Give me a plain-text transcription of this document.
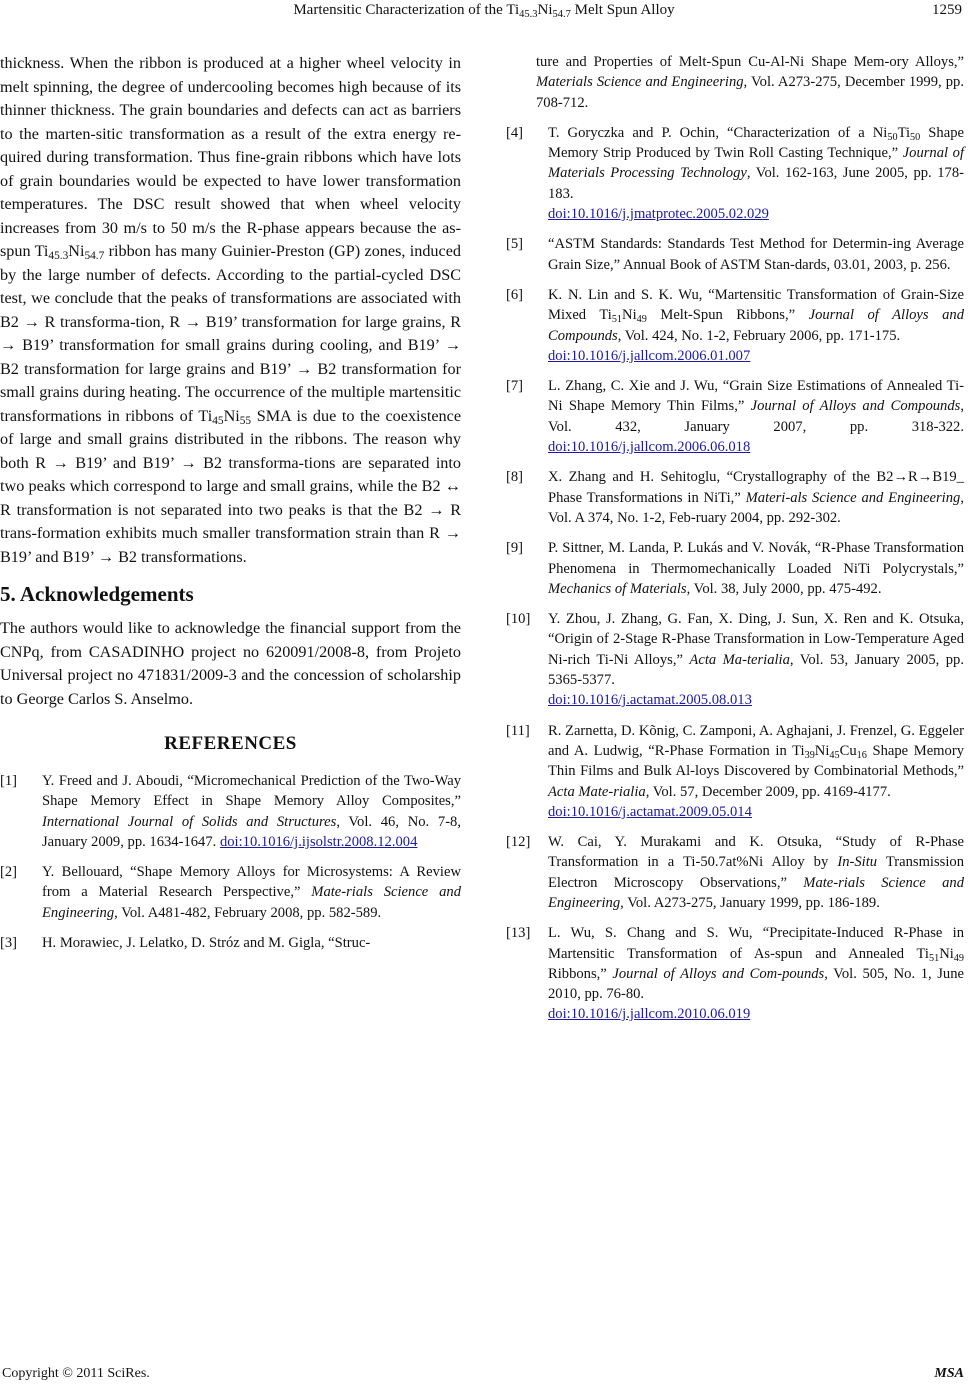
Martensitic Characterization of the $Ti_{45.3}Ni_{54.7}$ Melt Spun Alloy	1259

thickness. When the ribbon is produced at a higher wheel velocity in melt spinning, the degree of undercooling becomes high because of its thinner thickness. The grain boundaries and defects can act as barriers to the marten-sitic transformation as a result of the extra energy re-quired during transformation. Thus fine-grain ribbons which have lots of grain boundaries would be expected to have lower transformation temperatures. The DSC result showed that when wheel velocity increases from 30 m/s to 50 m/s the R-phase appears because the as-spun $Ti_{45.3}Ni_{54.7}$ ribbon has many Guinier-Preston (GP) zones, induced by the large number of defects. According to the partial-cycled DSC test, we conclude that the peaks of transformations are associated with B2 → R transforma-tion, R → B19’ transformation for large grains, R → B19’ transformation for small grains during cooling, and B19’ → B2 transformation for large grains and B19’ → B2 transformation for small grains during heating. The occurrence of the multiple martensitic transformations in ribbons of $Ti_{45}Ni_{55}$ SMA is due to the coexistence of large and small grains distributed in the ribbons. The reason why both R → B19’ and B19’ → B2 transforma-tions are separated into two peaks which correspond to large and small grains, while the B2 ↔ R transformation is not separated into two peaks is that the B2 → R trans-formation exhibits much smaller transformation strain than R → B19’ and B19’ → B2 transformations.

5. Acknowledgements

The authors would like to acknowledge the financial support from the CNPq, from CASADINHO project no 620091/2008-8, from Projeto Universal project no 471831/2009-3 and the concession of scholarship to George Carlos S. Anselmo.

REFERENCES
[1] Y. Freed and J. Aboudi, “Micromechanical Prediction of the Two-Way Shape Memory Effect in Shape Memory Alloy Composites,” International Journal of Solids and Structures, Vol. 46, No. 7-8, January 2009, pp. 1634-1647. doi:10.1016/j.ijsolstr.2008.12.004
[2] Y. Bellouard, “Shape Memory Alloys for Microsystems: A Review from a Material Research Perspective,” Mate-rials Science and Engineering, Vol. A481-482, February 2008, pp. 582-589.
[3] H. Morawiec, J. Lelatko, D. Stróz and M. Gigla, “Struc-
ture and Properties of Melt-Spun Cu-Al-Ni Shape Mem-ory Alloys,” Materials Science and Engineering, Vol. A273-275, December 1999, pp. 708-712.
[4] T. Goryczka and P. Ochin, “Characterization of a $Ni_{50}Ti_{50}$ Shape Memory Strip Produced by Twin Roll Casting Technique,” Journal of Materials Processing Technology, Vol. 162-163, June 2005, pp. 178-183.
doi:10.1016/j.jmatprotec.2005.02.029
[5] “ASTM Standards: Standards Test Method for Determin-ing Average Grain Size,” Annual Book of ASTM Stan-dards, 03.01, 2003, p. 256.
[6] K. N. Lin and S. K. Wu, “Martensitic Transformation of Grain-Size Mixed $Ti_{51}Ni_{49}$ Melt-Spun Ribbons,” Journal of Alloys and Compounds, Vol. 424, No. 1-2, February 2006, pp. 171-175.
doi:10.1016/j.jallcom.2006.01.007
[7] L. Zhang, C. Xie and J. Wu, “Grain Size Estimations of Annealed Ti-Ni Shape Memory Thin Films,” Journal of Alloys and Compounds, Vol. 432, January 2007, pp. 318-322. doi:10.1016/j.jallcom.2006.06.018
[8] X. Zhang and H. Sehitoglu, “Crystallography of the B2→R→B19_ Phase Transformations in NiTi,” Materi-als Science and Engineering, Vol. A 374, No. 1-2, Feb-ruary 2004, pp. 292-302.
[9] P. Sittner, M. Landa, P. Lukás and V. Novák, “R-Phase Transformation Phenomena in Thermomechanically Loaded NiTi Polycrystals,” Mechanics of Materials, Vol. 38, July 2000, pp. 475-492.
[10] Y. Zhou, J. Zhang, G. Fan, X. Ding, J. Sun, X. Ren and K. Otsuka, “Origin of 2-Stage R-Phase Transformation in Low-Temperature Aged Ni-rich Ti-Ni Alloys,” Acta Ma-terialia, Vol. 53, January 2005, pp. 5365-5377.
doi:10.1016/j.actamat.2005.08.013
[11] R. Zarnetta, D. Kõnig, C. Zamponi, A. Aghajani, J. Frenzel, G. Eggeler and A. Ludwig, “R-Phase Formation in $Ti_{39}Ni_{45}Cu_{16}$ Shape Memory Thin Films and Bulk Al-loys Discovered by Combinatorial Methods,” Acta Mate-rialia, Vol. 57, December 2009, pp. 4169-4177.
doi:10.1016/j.actamat.2009.05.014
[12] W. Cai, Y. Murakami and K. Otsuka, “Study of R-Phase Transformation in a Ti-50.7at%Ni Alloy by In-Situ Transmission Electron Microscopy Observations,” Mate-rials Science and Engineering, Vol. A273-275, January 1999, pp. 186-189.
[13] L. Wu, S. Chang and S. Wu, “Precipitate-Induced R-Phase in Martensitic Transformation of As-spun and Annealed $Ti_{51}Ni_{49}$ Ribbons,” Journal of Alloys and Com-pounds, Vol. 505, No. 1, June 2010, pp. 76-80.
doi:10.1016/j.jallcom.2010.06.019
Copyright © 2011 SciRes.	MSA
